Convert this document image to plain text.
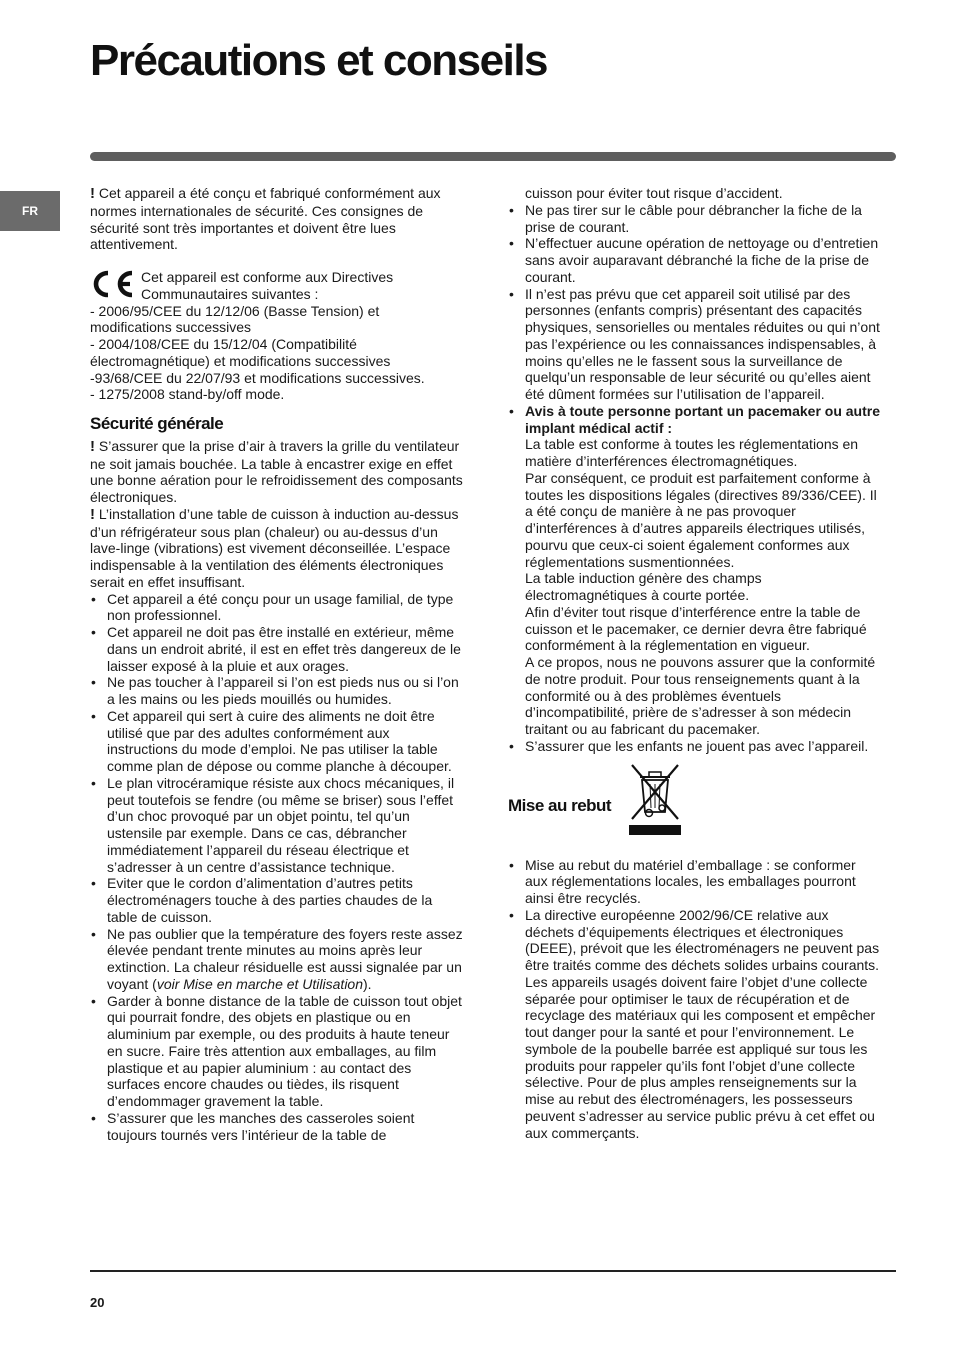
Précautions et conseils
FR

! Cet appareil a été conçu et fabriqué conformément aux normes internationales de sécurité. Ces consignes de sécurité sont très importantes et doivent être lues attentivement.

Cet appareil est conforme aux Directives Communautaires suivantes :

- 2006/95/CEE du 12/12/06 (Basse Tension) et modifications successives

- 2004/108/CEE du 15/12/04 (Compatibilité électromagnétique) et modifications successives

-93/68/CEE du 22/07/93 et modifications successives.

- 1275/2008 stand-by/off mode.

Sécurité générale

! S’assurer que la prise d’air à travers la grille du ventilateur ne soit jamais bouchée. La table à encastrer exige en effet une bonne aération pour le refroidissement des composants électroniques.

! L’installation d’une table de cuisson à induction au-dessus d’un réfrigérateur sous plan (chaleur) ou au-dessus d’un lave-linge (vibrations) est vivement déconseillée. L’espace indispensable à la ventilation des éléments électroniques serait en effet insuffisant.

• Cet appareil a été conçu pour un usage familial, de type non professionnel.
• Cet appareil ne doit pas être installé en extérieur, même dans un endroit abrité, il est en effet très dangereux de le laisser exposé à la pluie et aux orages.
• Ne pas toucher à l’appareil si l’on est pieds nus ou si l’on a les mains ou les pieds mouillés ou humides.
• Cet appareil qui sert à cuire des aliments ne doit être utilisé que par des adultes conformément aux instructions du mode d’emploi. Ne pas utiliser la table comme plan de dépose ou comme planche à découper.
• Le plan vitrocéramique résiste aux chocs mécaniques, il peut toutefois se fendre (ou même se briser) sous l’effet d’un choc provoqué par un objet pointu, tel qu’un ustensile par exemple. Dans ce cas, débrancher immédiatement l’appareil du réseau électrique et s’adresser à un centre d’assistance technique.
• Eviter que le cordon d’alimentation d’autres petits électroménagers touche à des parties chaudes de la table de cuisson.
• Ne pas oublier que la température des foyers reste assez élevée pendant trente minutes au moins après leur extinction. La chaleur résiduelle est aussi signalée par un voyant (voir Mise en marche et Utilisation).
• Garder à bonne distance de la table de cuisson tout objet qui pourrait fondre, des objets en plastique ou en aluminium par exemple, ou des produits à haute teneur en sucre. Faire très attention aux emballages, au film plastique et au papier aluminium : au contact des surfaces encore chaudes ou tièdes, ils risquent d’endommager gravement la table.
• S’assurer que les manches des casseroles soient toujours tournés vers l’intérieur de la table de

cuisson pour éviter tout risque d’accident.

• Ne pas tirer sur le câble pour débrancher la fiche de la prise de courant.
• N’effectuer aucune opération de nettoyage ou d’entretien sans avoir auparavant débranché la fiche de la prise de courant.
• Il n’est pas prévu que cet appareil soit utilisé par des personnes (enfants compris) présentant des capacités physiques, sensorielles ou mentales réduites ou qui n’ont pas l’expérience ou les connaissances indispensables, à moins qu’elles ne le fassent sous la surveillance de quelqu’un responsable de leur sécurité ou qu’elles aient été dûment formées sur l’utilisation de l’appareil.

• Avis à toute personne portant un pacemaker ou autre implant médical actif :

La table est conforme à toutes les réglementations en matière d’interférences électromagnétiques.

Par conséquent, ce produit est parfaitement conforme à toutes les dispositions légales (directives 89/336/CEE). Il a été conçu de manière à ne pas provoquer d’interférences à d’autres appareils électriques utilisés, pourvu que ceux-ci soient également conformes aux réglementations susmentionnées.

La table induction génère des champs électromagnétiques à courte portée.

Afin d’éviter tout risque d’interférence entre la table de cuisson et le pacemaker, ce dernier devra être fabriqué conformément à la réglementation en vigueur.

A ce propos, nous ne pouvons assurer que la conformité de notre produit. Pour tous renseignements quant à la conformité ou à des problèmes éventuels d’incompatibilité, prière de s’adresser à son médecin traitant ou au fabricant du pacemaker.

• S’assurer que les enfants ne jouent pas avec l’appareil.
Mise au rebut
• Mise au rebut du matériel d’emballage : se conformer aux réglementations locales, les emballages pourront ainsi être recyclés.
• La directive européenne 2002/96/CE relative aux déchets d’équipements électriques et électroniques (DEEE), prévoit que les électroménagers ne peuvent pas être traités comme des déchets solides urbains courants. Les appareils usagés doivent faire l’objet d’une collecte séparée pour optimiser le taux de récupération et de recyclage des matériaux qui les composent et empêcher tout danger pour la santé et pour l’environnement. Le symbole de la poubelle barrée est appliqué sur tous les produits pour rappeler qu’ils font l’objet d’une collecte sélective. Pour de plus amples renseignements sur la mise au rebut des électroménagers, les possesseurs peuvent s’adresser au service public prévu à cet effet ou aux commerçants.
20
